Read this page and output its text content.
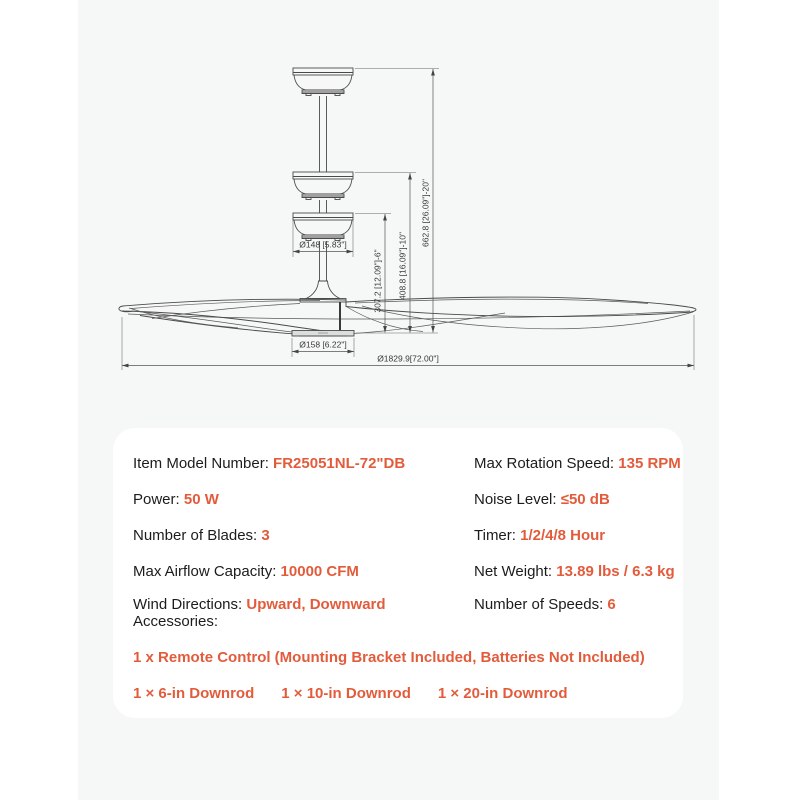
Ø148 [5.83"]
Ø158 [6.22"]
Ø1829.9[72.00"]
307.2 [12.09"]-6" 408.8 [16.09"]-10"
662.8 [26.09"]-20"
Item Model Number: FR25051NL-72"DB
Power: 50 W
Number of Blades: 3
Max Airflow Capacity: 10000 CFM
Wind Directions: Upward, Downward
Max Rotation Speed: 135 RPM
Noise Level: ≤50 dB
Timer: 1/2/4/8 Hour
Net Weight: 13.89 lbs / 6.3 kg
Number of Speeds: 6
Accessories:
1 x Remote Control (Mounting Bracket Included, Batteries Not Included)
1 × 6-in Downrod 1 × 10-in Downrod 1 × 20-in Downrod
